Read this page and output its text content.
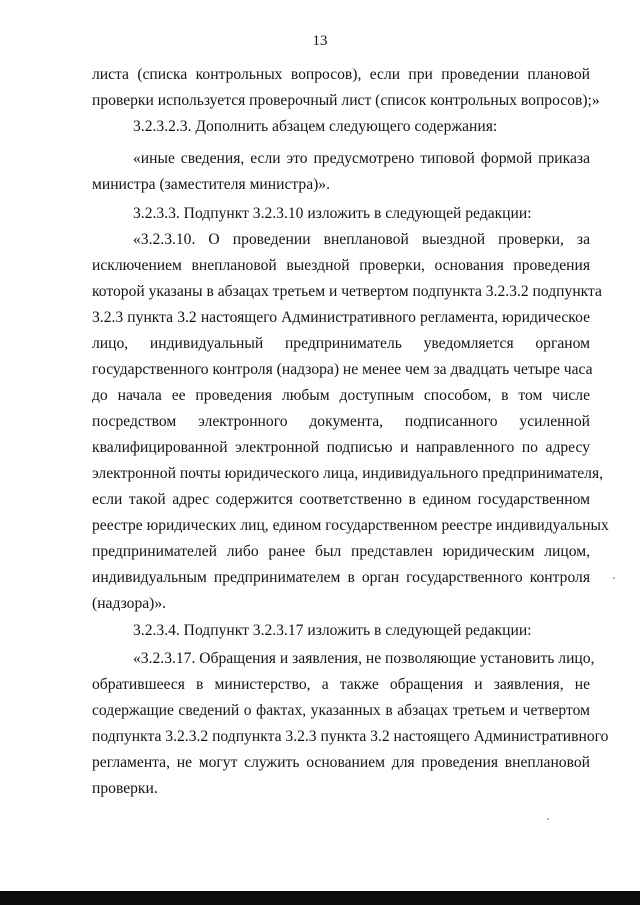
13
листа (списка контрольных вопросов), если при проведении плановой
проверки используется проверочный лист (список контрольных вопросов);»
3.2.3.2.3. Дополнить абзацем следующего содержания:
«иные сведения, если это предусмотрено типовой формой приказа
министра (заместителя министра)».
3.2.3.3. Подпункт 3.2.3.10 изложить в следующей редакции:
«3.2.3.10. О проведении внеплановой выездной проверки, за
исключением внеплановой выездной проверки, основания проведения
которой указаны в абзацах третьем и четвертом подпункта 3.2.3.2 подпункта
3.2.3 пункта 3.2 настоящего Административного регламента, юридическое
лицо, индивидуальный предприниматель уведомляется органом
государственного контроля (надзора) не менее чем за двадцать четыре часа
до начала ее проведения любым доступным способом, в том числе
посредством электронного документа, подписанного усиленной
квалифицированной электронной подписью и направленного по адресу
электронной почты юридического лица, индивидуального предпринимателя,
если такой адрес содержится соответственно в едином государственном
реестре юридических лиц, едином государственном реестре индивидуальных
предпринимателей либо ранее был представлен юридическим лицом,
индивидуальным предпринимателем в орган государственного контроля
(надзора)».
3.2.3.4. Подпункт 3.2.3.17 изложить в следующей редакции:
«3.2.3.17. Обращения и заявления, не позволяющие установить лицо,
обратившееся в министерство, а также обращения и заявления, не
содержащие сведений о фактах, указанных в абзацах третьем и четвертом
подпункта 3.2.3.2 подпункта 3.2.3 пункта 3.2 настоящего Административного
регламента, не могут служить основанием для проведения внеплановой
проверки.
